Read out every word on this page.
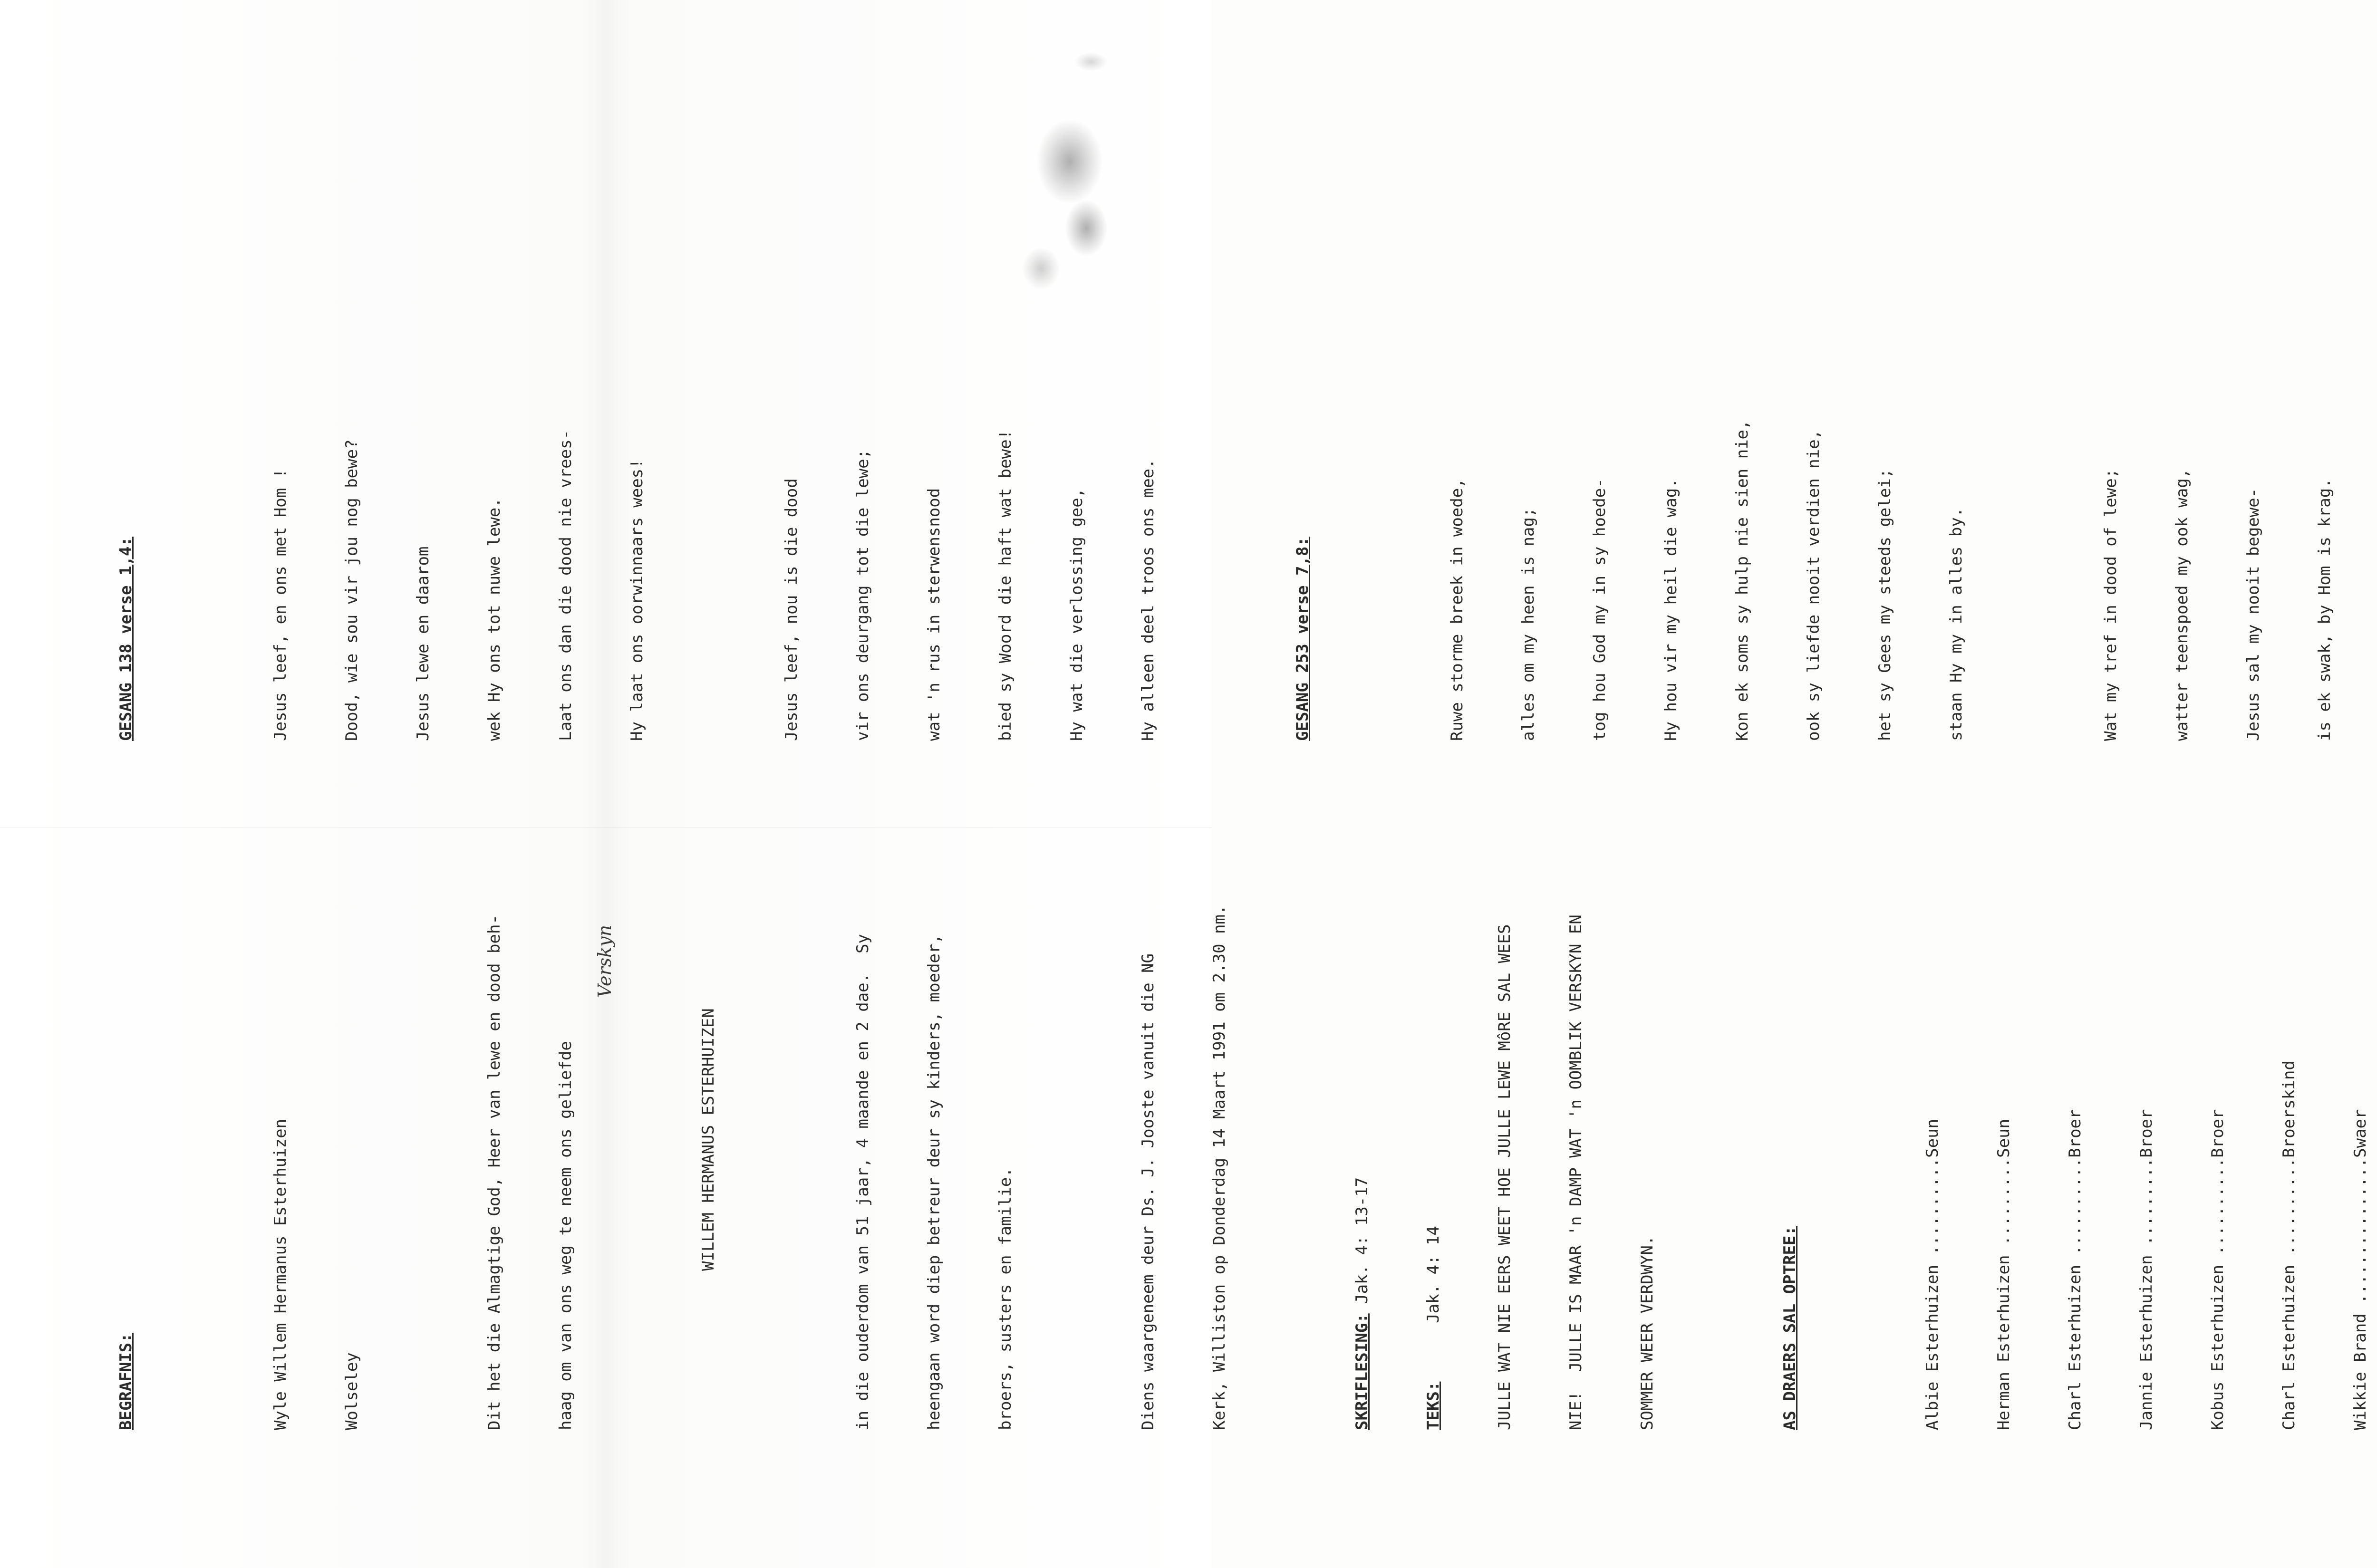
BEGRAFNIS:

	Wyle Willem Hermanus Esterhuizen

	Wolseley

	Dit het die Almagtige God, Heer van lewe en dood beh-

	haag om van ons weg te neem ons geliefde

	WILLEM HERMANUS ESTERHUIZEN

	in die ouderdom van 51 jaar, 4 maande en 2 dae.  Sy

	heengaan word diep betreur deur sy kinders, moeder,

	broers, susters en familie.

	Diens waargeneem deur Ds. J. Jooste vanuit die NG

	Kerk, Williston op Donderdag 14 Maart 1991 om 2.30 nm.

	SKRIFLESING: Jak. 4: 13-17

TEKS:      Jak. 4: 14

	JULLE WAT NIE EERS WEET HOE JULLE LEWE MôRE SAL WEES

	NIE!  JULLE IS MAAR 'n DAMP WAT 'n OOMBLIK VERSKYN EN

	SOMMER WEER VERDWYN.

	AS DRAERS SAL OPTREE:

	Albie Esterhuizen ..........Seun

	Herman Esterhuizen .........Seun

	Charl Esterhuizen ..........Broer

	Jannie Esterhuizen .........Broer

	Kobus Esterhuizen ..........Broer

	Charl Esterhuizen ..........Broerskind

	Wikkie Brand ...............Swaer

Verskyn

GESANG 138 verse 1,4:

	Jesus leef, en ons met Hom !

	Dood, wie sou vir jou nog bewe?

	Jesus lewe en daarom

	wek Hy ons tot nuwe lewe.

	Laat ons dan die dood nie vrees-

	Hy laat ons oorwinnaars wees!

	Jesus leef, nou is die dood

	vir ons deurgang tot die lewe;

	wat 'n rus in sterwensnood

	bied sy Woord die haft wat bewe!

	Hy wat die verlossing gee,

	Hy alleen deel troos ons mee.

	GESANG 253 verse 7,8:

	Ruwe storme breek in woede,

	alles om my heen is nag;

	tog hou God my in sy hoede-

	Hy hou vir my heil die wag.

	Kon ek soms sy hulp nie sien nie,

	ook sy liefde nooit verdien nie,

	het sy Gees my steeds gelei;

	staan Hy my in alles by.

	Wat my tref in dood of lewe;

	watter teenspoed my ook wag,

	Jesus sal my nooit begewe-

	is ek swak, by Hom is krag.
